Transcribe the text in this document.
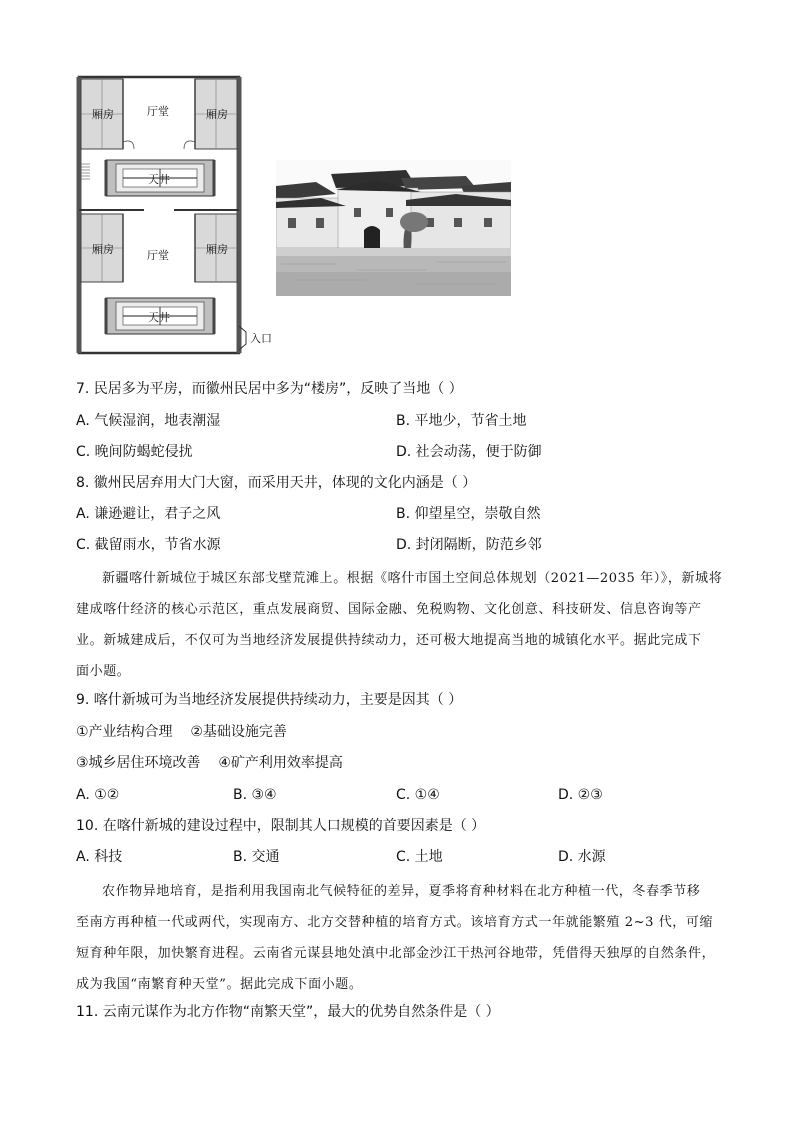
厢房	厅堂	厢房
天井
厢房	厅堂	厢房
天井
入口
7. 民居多为平房，而徽州民居中多为“楼房”，反映了当地（ ）
A. 气候湿润，地表潮湿	B. 平地少，节省土地
C. 晚间防蝎蛇侵扰	D. 社会动荡，便于防御
8. 徽州民居弃用大门大窗，而采用天井，体现的文化内涵是（ ）
A. 谦逊避让，君子之风	B. 仰望星空，崇敬自然
C. 截留雨水，节省水源	D. 封闭隔断，防范乡邻
新疆喀什新城位于城区东部戈壁荒滩上。根据《喀什市国土空间总体规划（2021—2035 年）》，新城将
建成喀什经济的核心示范区，重点发展商贸、国际金融、免税购物、文化创意、科技研发、信息咨询等产
业。新城建成后，不仅可为当地经济发展提供持续动力，还可极大地提高当地的城镇化水平。据此完成下
面小题。
9. 喀什新城可为当地经济发展提供持续动力，主要是因其（ ）
①产业结构合理    ②基础设施完善
③城乡居住环境改善    ④矿产利用效率提高
A. ①②	B. ③④	C. ①④	D. ②③
10. 在喀什新城的建设过程中，限制其人口规模的首要因素是（ ）
A. 科技	B. 交通	C. 土地	D. 水源
农作物异地培育，是指利用我国南北气候特征的差异，夏季将育种材料在北方种植一代，冬春季节移
至南方再种植一代或两代，实现南方、北方交替种植的培育方式。该培育方式一年就能繁殖 2~3 代，可缩
短育种年限，加快繁育进程。云南省元谋县地处滇中北部金沙江干热河谷地带，凭借得天独厚的自然条件，
成为我国“南繁育种天堂”。据此完成下面小题。
11. 云南元谋作为北方作物“南繁天堂”，最大的优势自然条件是（ ）
